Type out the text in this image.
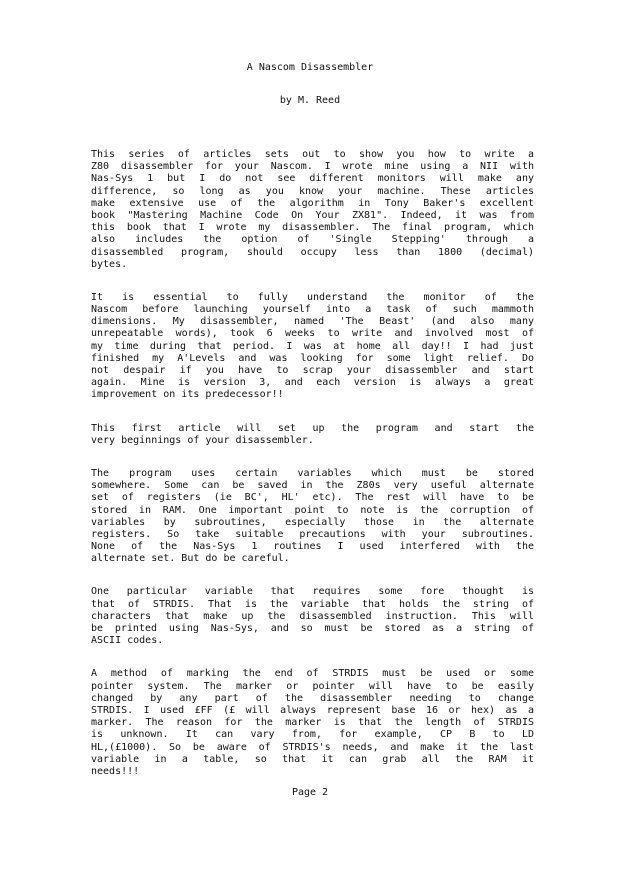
A Nascom Disassembler
by M. Reed
This series of articles sets out to show you how to write a
Z80 disassembler for your Nascom. I wrote mine using a NII with
Nas-Sys 1 but I do not see different monitors will make any
difference, so long as you know your machine. These articles
make extensive use of the algorithm in Tony Baker's excellent
book "Mastering Machine Code On Your ZX81". Indeed, it was from
this book that I wrote my disassembler. The final program, which
also includes the option of 'Single Stepping' through a
disassembled program, should occupy less than 1800 (decimal)
bytes.
It is essential to fully understand the monitor of the
Nascom before launching yourself into a task of such mammoth
dimensions. My disassembler, named 'The Beast' (and also many
unrepeatable words), took 6 weeks to write and involved most of
my time during that period. I was at home all day!! I had just
finished my A'Levels and was looking for some light relief. Do
not despair if you have to scrap your disassembler and start
again. Mine is version 3, and each version is always a great
improvement on its predecessor!!
This first article will set up the program and start the
very beginnings of your disassembler.
The program uses certain variables which must be stored
somewhere. Some can be saved in the Z80s very useful alternate
set of registers (ie BC', HL' etc). The rest will have to be
stored in RAM. One important point to note is the corruption of
variables by subroutines, especially those in the alternate
registers. So take suitable precautions with your subroutines.
None of the Nas-Sys 1 routines I used interfered with the
alternate set. But do be careful.
One particular variable that requires some fore thought is
that of STRDIS. That is the variable that holds the string of
characters that make up the disassembled instruction. This will
be printed using Nas-Sys, and so must be stored as a string of
ASCII codes.
A method of marking the end of STRDIS must be used or some
pointer system. The marker or pointer will have to be easily
changed by any part of the disassembler needing to change
STRDIS. I used £FF (£ will always represent base 16 or hex) as a
marker. The reason for the marker is that the length of STRDIS
is unknown. It can vary from, for example, CP B to LD
HL,(£1000). So be aware of STRDIS's needs, and make it the last
variable in a table, so that it can grab all the RAM it
needs!!!
Page 2
